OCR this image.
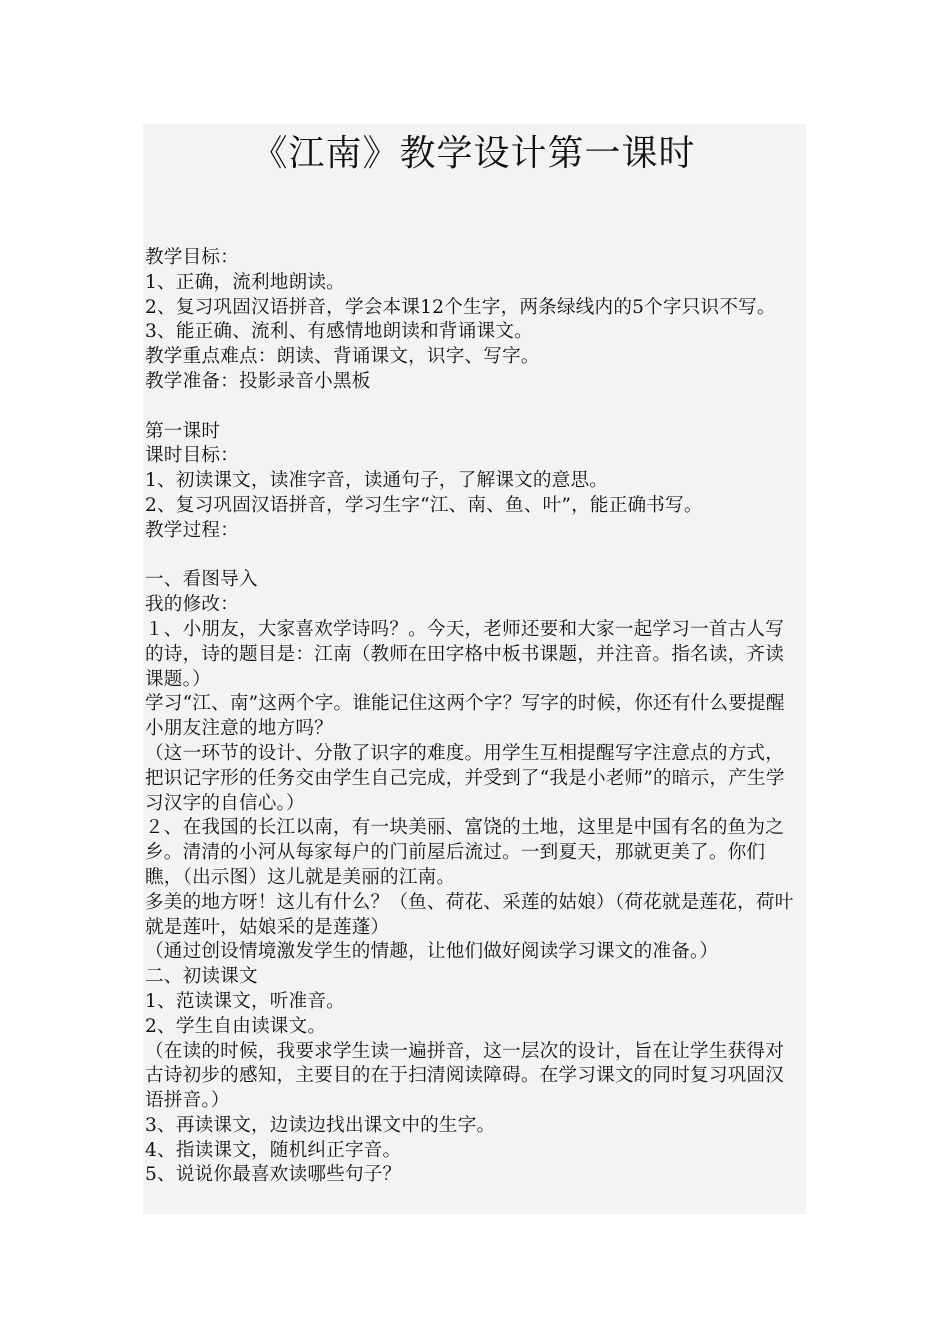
《江南》教学设计第一课时

教学目标：

1、正确，流利地朗读。

2、复习巩固汉语拼音，学会本课12个生字，两条绿线内的5个字只识不写。

3、能正确、流利、有感情地朗读和背诵课文。

教学重点难点：朗读、背诵课文，识字、写字。

教学准备：投影录音小黑板

第一课时

课时目标：

1、初读课文，读准字音，读通句子，了解课文的意思。

2、复习巩固汉语拼音，学习生字“江、南、鱼、叶”，能正确书写。

教学过程：

一、看图导入

我的修改：

１、小朋友，大家喜欢学诗吗？。今天，老师还要和大家一起学习一首古人写的诗，诗的题目是：江南（教师在田字格中板书课题，并注音。指名读，齐读课题。）

学习“江、南”这两个字。谁能记住这两个字？写字的时候，你还有什么要提醒小朋友注意的地方吗？

（这一环节的设计、分散了识字的难度。用学生互相提醒写字注意点的方式，把识记字形的任务交由学生自己完成，并受到了“我是小老师”的暗示，产生学习汉字的自信心。）

２、在我国的长江以南，有一块美丽、富饶的土地，这里是中国有名的鱼为之乡。清清的小河从每家每户的门前屋后流过。一到夏天，那就更美了。你们瞧，（出示图）这儿就是美丽的江南。

多美的地方呀！这儿有什么？（鱼、荷花、采莲的姑娘）（荷花就是莲花，荷叶就是莲叶，姑娘采的是莲蓬）

（通过创设情境激发学生的情趣，让他们做好阅读学习课文的准备。）

二、初读课文

1、范读课文，听准音。

2、学生自由读课文。

（在读的时候，我要求学生读一遍拼音，这一层次的设计，旨在让学生获得对古诗初步的感知，主要目的在于扫清阅读障碍。在学习课文的同时复习巩固汉语拼音。）

3、再读课文，边读边找出课文中的生字。

4、指读课文，随机纠正字音。

5、说说你最喜欢读哪些句子？
